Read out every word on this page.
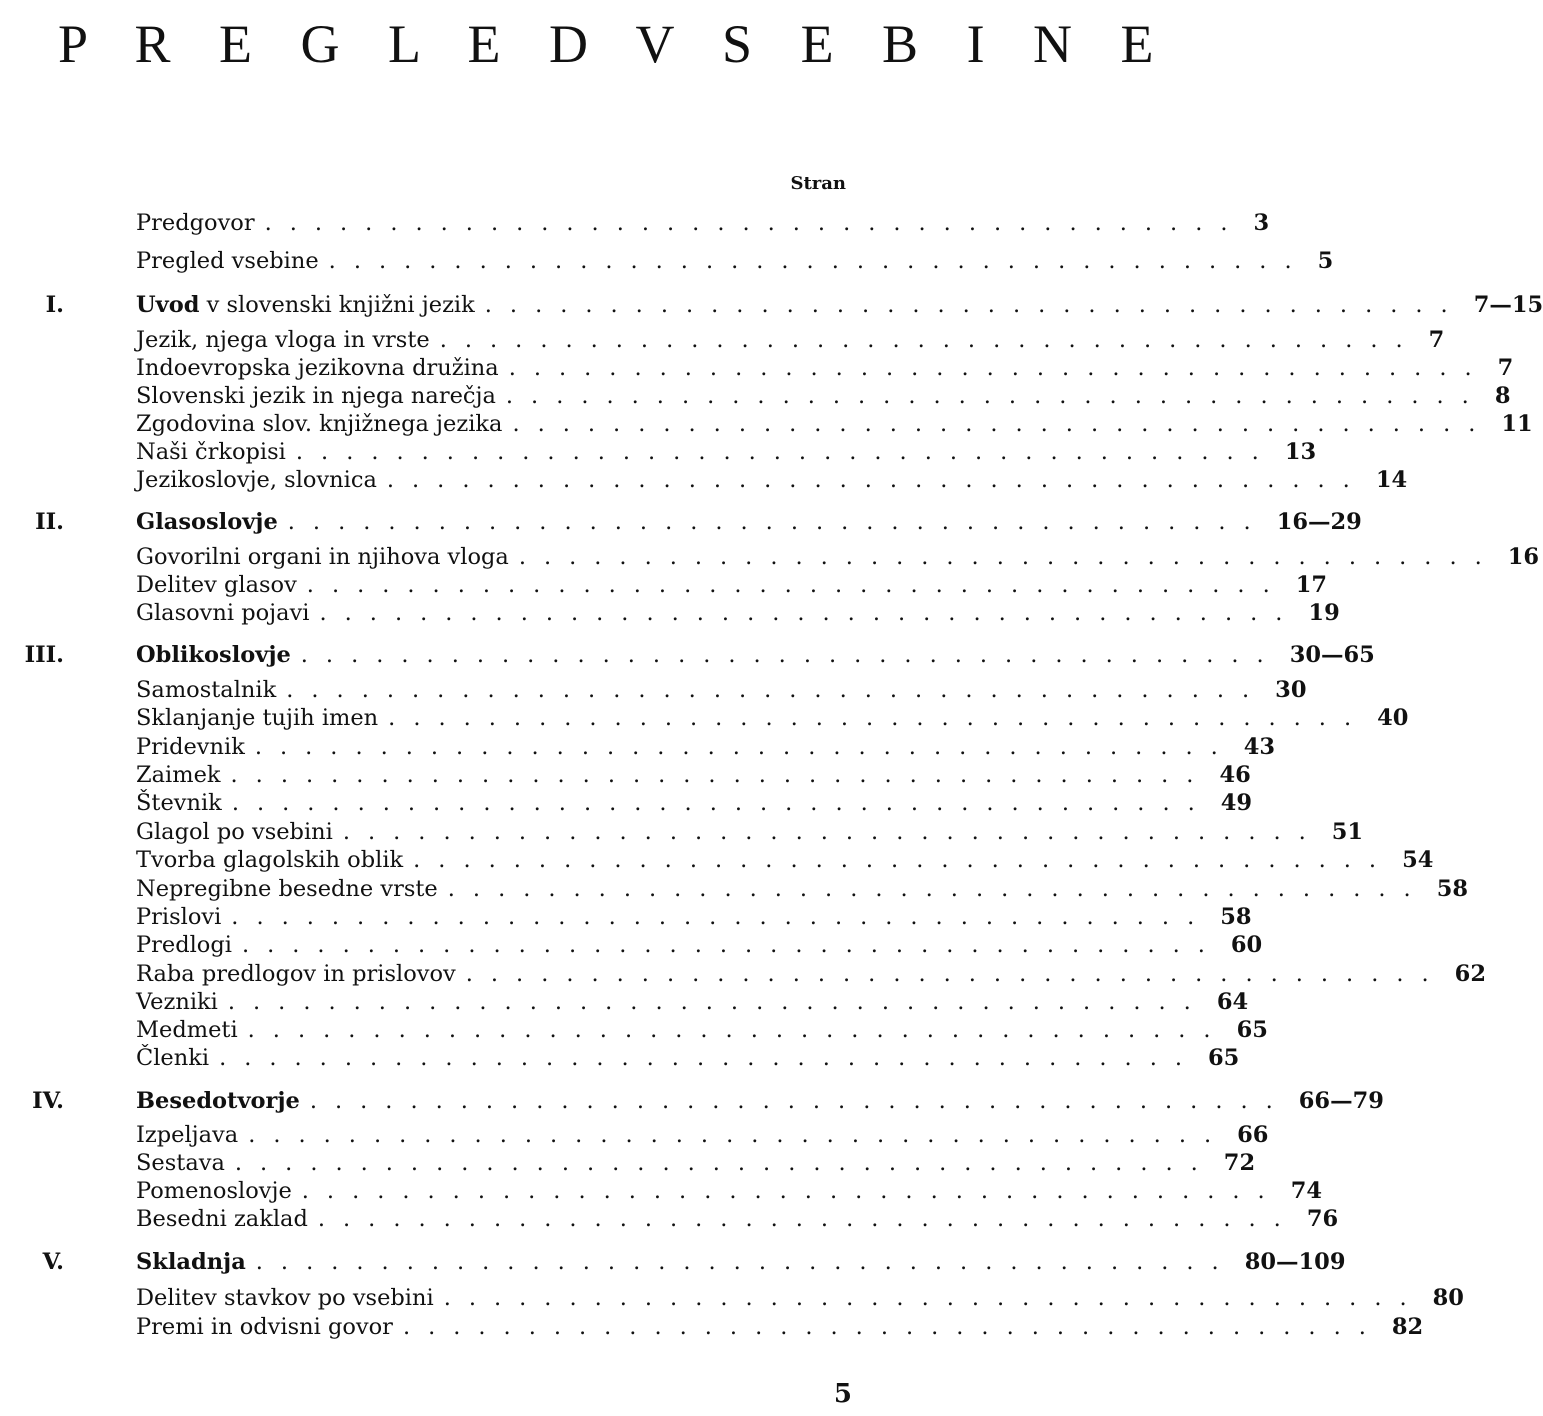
P R E G L E D V S E B I N E
Stran
Predgovor ....................................... 3
Pregled vsebine ....................................... 5
I.	Uvod v slovenski knjižni jezik ....................................... 7—15
Jezik, njega vloga in vrste ....................................... 7
Indoevropska jezikovna družina ....................................... 7
Slovenski jezik in njega narečja ....................................... 8
Zgodovina slov. knjižnega jezika ....................................... 11
Naši črkopisi ....................................... 13
Jezikoslovje, slovnica ....................................... 14
II.	Glasoslovje ....................................... 16—29
Govorilni organi in njihova vloga ....................................... 16
Delitev glasov ....................................... 17
Glasovni pojavi ....................................... 19
III.	Oblikoslovje ....................................... 30—65
Samostalnik ....................................... 30
Sklanjanje tujih imen ....................................... 40
Pridevnik ....................................... 43
Zaimek ....................................... 46
Števnik ....................................... 49
Glagol po vsebini ....................................... 51
Tvorba glagolskih oblik ....................................... 54
Nepregibne besedne vrste ....................................... 58
Prislovi ....................................... 58
Predlogi ....................................... 60
Raba predlogov in prislovov ....................................... 62
Vezniki ....................................... 64
Medmeti ....................................... 65
Členki ....................................... 65
IV.	Besedotvorje ....................................... 66—79
Izpeljava ....................................... 66
Sestava ....................................... 72
Pomenoslovje ....................................... 74
Besedni zaklad ....................................... 76
V.	Skladnja ....................................... 80—109
Delitev stavkov po vsebini ....................................... 80
Premi in odvisni govor ....................................... 82
5
